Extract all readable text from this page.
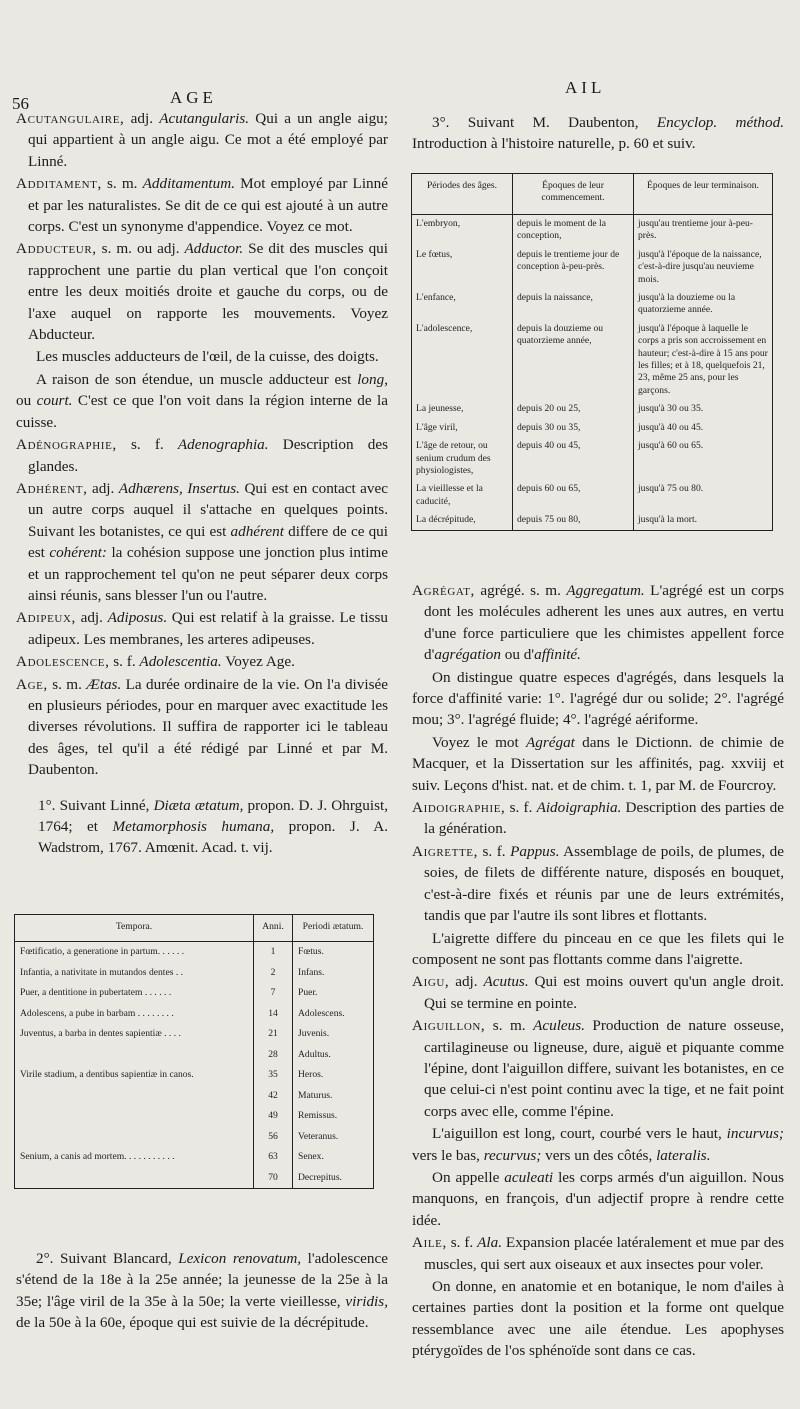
56	AGE
AIL

Acutangulaire, adj. Acutangularis. Qui a un angle aigu; qui appartient à un angle aigu. Ce mot a été employé par Linné.

Additament, s. m. Additamentum. Mot employé par Linné et par les naturalistes. Se dit de ce qui est ajouté à un autre corps. C'est un synonyme d'appendice. Voyez ce mot.

Adducteur, s. m. ou adj. Adductor. Se dit des muscles qui rapprochent une partie du plan vertical que l'on conçoit entre les deux moitiés droite et gauche du corps, ou de l'axe auquel on rapporte les mouvements. Voyez Abducteur.

Les muscles adducteurs de l'œil, de la cuisse, des doigts.

A raison de son étendue, un muscle adducteur est long, ou court. C'est ce que l'on voit dans la région interne de la cuisse.

Adénographie, s. f. Adenographia. Description des glandes.

Adhérent, adj. Adhærens, Insertus. Qui est en contact avec un autre corps auquel il s'attache en quelques points. Suivant les botanistes, ce qui est adhérent differe de ce qui est cohérent: la cohésion suppose une jonction plus intime et un rapprochement tel qu'on ne peut séparer deux corps ainsi réunis, sans blesser l'un ou l'autre.

Adipeux, adj. Adiposus. Qui est relatif à la graisse. Le tissu adipeux. Les membranes, les arteres adipeuses.

Adolescence, s. f. Adolescentia. Voyez Age.

Age, s. m. Ætas. La durée ordinaire de la vie. On l'a divisée en plusieurs périodes, pour en marquer avec exactitude les diverses révolutions. Il suffira de rapporter ici le tableau des âges, tel qu'il a été rédigé par Linné et par M. Daubenton.

1°. Suivant Linné, Diæta ætatum, propon. D. J. Ohrguist, 1764; et Metamorphosis humana, propon. J. A. Wadstrom, 1767. Amœnit. Acad. t. vij.

Tempora.	Anni.	Periodi ætatum.
Fœtificatio, a generatione in partum. . . . . .	1	Fœtus.
Infantia, a nativitate in mutandos dentes . .	2	Infans.
Puer, a dentitione in pubertatem . . . . . .	7	Puer.
Adolescens, a pube in barbam . . . . . . . .	14	Adolescens.
Juventus, a barba in dentes sapientiæ . . . .	21	Juvenis.
	28	Adultus.
Virile stadium, a dentibus sapientiæ in canos.	35	Heros.
	42	Maturus.
	49	Remissus.
	56	Veteranus.
Senium, a canis ad mortem. . . . . . . . . . .	63	Senex.
	70	Decrepitus.

2°. Suivant Blancard, Lexicon renovatum, l'adolescence s'étend de la 18e à la 25e année; la jeunesse de la 25e à la 35e; l'âge viril de la 35e à la 50e; la verte vieillesse, viridis, de la 50e à la 60e, époque qui est suivie de la décrépitude.

3°. Suivant M. Daubenton, Encyclop. méthod. Introduction à l'histoire naturelle, p. 60 et suiv.

Périodes des âges.	Époques de leur commencement.	Époques de leur terminaison.
L'embryon,	depuis le moment de la conception,	jusqu'au trentieme jour à-peu-près.
Le fœtus,	depuis le trentieme jour de conception à-peu-près.	jusqu'à l'époque de la naissance, c'est-à-dire jusqu'au neuvieme mois.
L'enfance,	depuis la naissance,	jusqu'à la douzieme ou la quatorzieme année.
L'adolescence,	depuis la douzieme ou quatorzieme année,	jusqu'à l'époque à laquelle le corps a pris son accroissement en hauteur; c'est-à-dire à 15 ans pour les filles; et à 18, quelquefois 21, 23, même 25 ans, pour les garçons.
La jeunesse,	depuis 20 ou 25,	jusqu'à 30 ou 35.
L'âge viril,	depuis 30 ou 35,	jusqu'à 40 ou 45.
L'âge de retour, ou senium crudum des physiologistes,	depuis 40 ou 45,	jusqu'à 60 ou 65.
La vieillesse et la caducité,	depuis 60 ou 65,	jusqu'à 75 ou 80.
La décrépitude,	depuis 75 ou 80,	jusqu'à la mort.

Agrégat, agrégé. s. m. Aggregatum. L'agrégé est un corps dont les molécules adherent les unes aux autres, en vertu d'une force particuliere que les chimistes appellent force d'agrégation ou d'affinité.

On distingue quatre especes d'agrégés, dans lesquels la force d'affinité varie: 1°. l'agrégé dur ou solide; 2°. l'agrégé mou; 3°. l'agrégé fluide; 4°. l'agrégé aériforme.

Voyez le mot Agrégat dans le Dictionn. de chimie de Macquer, et la Dissertation sur les affinités, pag. xxviij et suiv. Leçons d'hist. nat. et de chim. t. 1, par M. de Fourcroy.

Aidoigraphie, s. f. Aidoigraphia. Description des parties de la génération.

Aigrette, s. f. Pappus. Assemblage de poils, de plumes, de soies, de filets de différente nature, disposés en bouquet, c'est-à-dire fixés et réunis par une de leurs extrémités, tandis que par l'autre ils sont libres et flottants.

L'aigrette differe du pinceau en ce que les filets qui le composent ne sont pas flottants comme dans l'aigrette.

Aigu, adj. Acutus. Qui est moins ouvert qu'un angle droit. Qui se termine en pointe.

Aiguillon, s. m. Aculeus. Production de nature osseuse, cartilagineuse ou ligneuse, dure, aiguë et piquante comme l'épine, dont l'aiguillon differe, suivant les botanistes, en ce que celui-ci n'est point continu avec la tige, et ne fait point corps avec elle, comme l'épine.

L'aiguillon est long, court, courbé vers le haut, incurvus; vers le bas, recurvus; vers un des côtés, lateralis.

On appelle aculeati les corps armés d'un aiguillon. Nous manquons, en françois, d'un adjectif propre à rendre cette idée.

Aile, s. f. Ala. Expansion placée latéralement et mue par des muscles, qui sert aux oiseaux et aux insectes pour voler.

On donne, en anatomie et en botanique, le nom d'ailes à certaines parties dont la position et la forme ont quelque ressemblance avec une aile étendue. Les apophyses ptérygoïdes de l'os sphénoïde sont dans ce cas.
